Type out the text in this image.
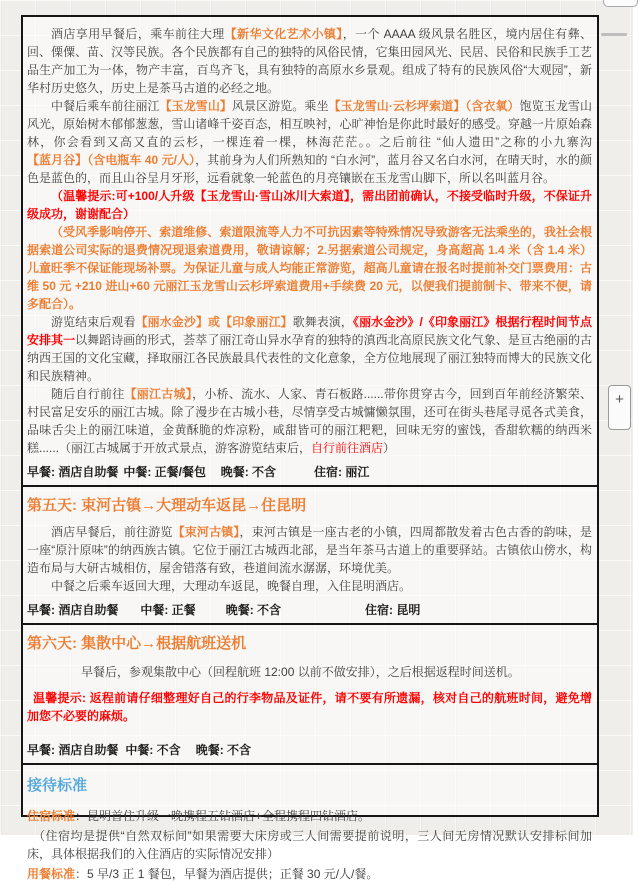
酒店享用早餐后，乘车前往大理【新华文化艺术小镇】，一个 AAAA 级风景名胜区，境内居住有彝、回、傈僳、苗、汉等民族。各个民族都有自己的独特的风俗民情，它集田园风光、民居、民俗和民族手工艺品生产加工为一体，物产丰富，百鸟齐飞，具有独特的高原水乡景观。组成了特有的民族风俗“大观园”，新华村历史悠久，历史上是茶马古道的必经之地。

中餐后乘车前往丽江【玉龙雪山】风景区游览。乘坐【玉龙雪山·云杉坪索道】（含衣氧）饱览玉龙雪山风光，原始树木郁郁葱葱，雪山诸峰千姿百态，相互映衬，心旷神怡是你此时最好的感受。穿越一片原始森林，你会看到又高又直的云杉，一棵连着一棵，林海茫茫。。之后前往 “仙人遗田”之称的小九寨沟【蓝月谷】（含电瓶车 40 元/人），其前身为人们所熟知的 “白水河”，蓝月谷又名白水河，在晴天时，水的颜色是蓝色的，而且山谷呈月牙形，远看就象一轮蓝色的月亮镶嵌在玉龙雪山脚下，所以名叫蓝月谷。

（温馨提示:可+100/人升级【玉龙雪山·雪山冰川大索道】，需出团前确认，不接受临时升级，不保证升级成功，谢谢配合）

（受风季影响停开、索道维修、索道限流等人力不可抗因素等特殊情况导致游客无法乘坐的，我社会根据索道公司实际的退费情况现退索道费用，敬请谅解；2.另据索道公司规定，身高超高 1.4 米（含 1.4 米）儿童旺季不保证能现场补票。为保证儿童与成人均能正常游览，超高儿童请在报名时提前补交门票费用：古维 50 元 +210 进山+60 元丽江玉龙雪山云杉坪索道费用+手续费 20 元，以便我们提前制卡、带来不便，请多配合）。

游览结束后观看【丽水金沙】或【印象丽江】歌舞表演，《丽水金沙》/《印象丽江》根据行程时间节点安排其一以舞蹈诗画的形式，荟萃了丽江奇山异水孕育的独特的滇西北高原民族文化气象、是亘古绝丽的古纳西王国的文化宝藏，择取丽江各民族最具代表性的文化意象，全方位地展现了丽江独特而博大的民族文化和民族精神。

随后自行前往【丽江古城】，小桥、流水、人家、青石板路......带你贯穿古今，回到百年前经济繁荣、村民富足安乐的丽江古城。除了漫步在古城小巷，尽情享受古城慵懒氛围，还可在街头巷尾寻觅各式美食，品味舌尖上的丽江味道，金黄酥脆的炸凉粉，咸甜皆可的丽江粑粑，回味无穷的蜜饯，香甜软糯的纳西米糕......（丽江古城属于开放式景点，游客游览结束后，自行前往酒店）

早餐: 酒店自助餐 中餐: 正餐/餐包 晚餐: 不含	住宿: 丽江
第五天: 束河古镇→大理动车返昆→住昆明

酒店早餐后，前往游览【束河古镇】，束河古镇是一座古老的小镇，四周都散发着古色古香的韵味，是一座“原汁原味”的纳西族古镇。它位于丽江古城西北部，是当年茶马古道上的重要驿站。古镇依山傍水，构造布局与大研古城相仿，屋舍错落有致，巷道间流水潺潺，环境优美。

中餐之后乘车返回大理，大理动车返昆，晚餐自理，入住昆明酒店。

早餐: 酒店自助餐 中餐: 正餐	晚餐: 不含	住宿: 昆明
第六天: 集散中心→根据航班送机

早餐后，参观集散中心（回程航班 12:00 以前不做安排），之后根据返程时间送机。

温馨提示: 返程前请仔细整理好自己的行李物品及证件，请不要有所遗漏，核对自己的航班时间，避免增加您不必要的麻烦。

早餐: 酒店自助餐 中餐: 不含 晚餐: 不含
接待标准

住宿标准：昆明首住升级一晚携程五钻酒店+全程携程四钻酒店。

（住宿均是提供“自然双标间”如果需要大床房或三人间需要提前说明，三人间无房情况默认安排标间加床，具体根据我们的入住酒店的实际情况安排）

用餐标准：5 早/3 正 1 餐包，早餐为酒店提供；正餐 30 元/人/餐。

+
